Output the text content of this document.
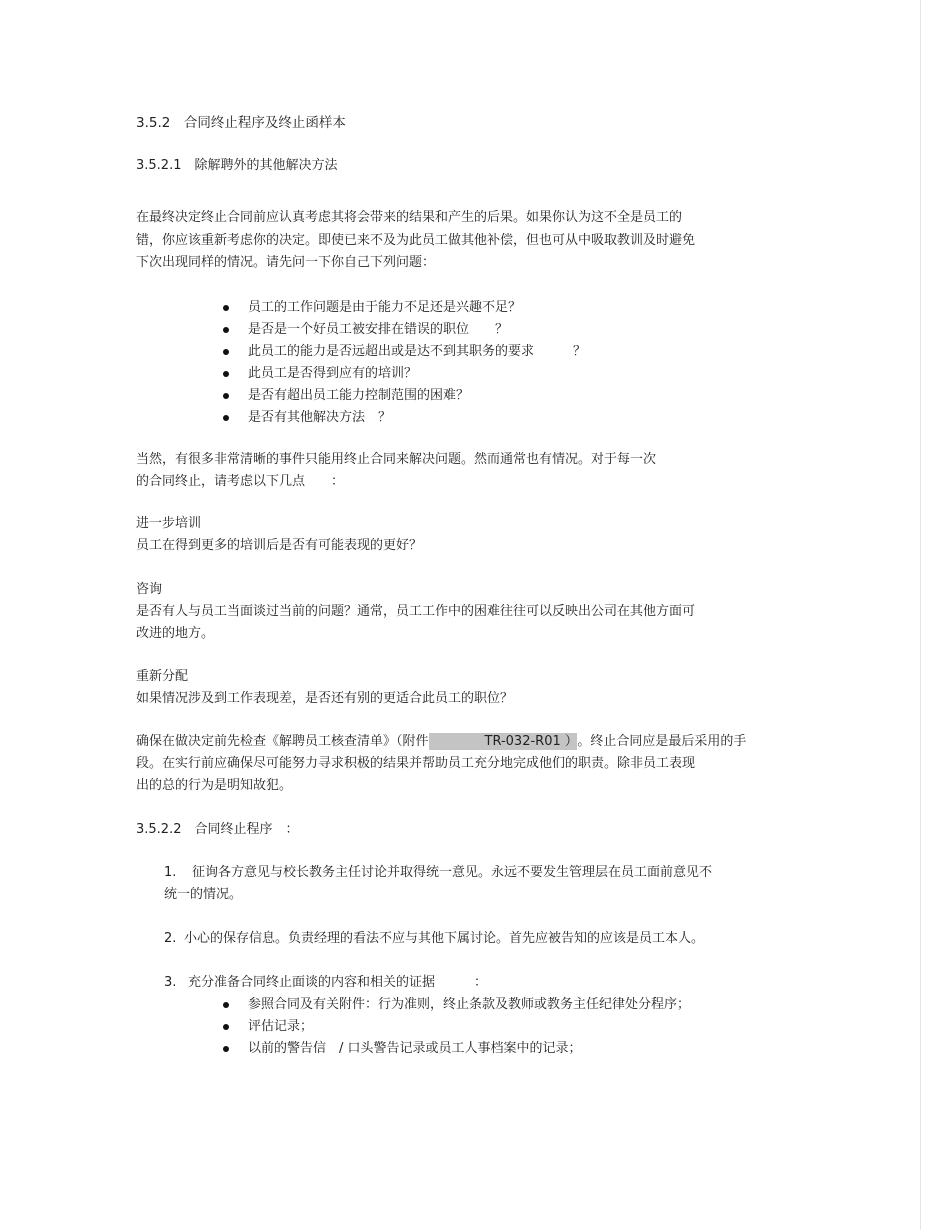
3.5.2　合同终止程序及终止函样本
3.5.2.1　除解聘外的其他解决方法
在最终决定终止合同前应认真考虑其将会带来的结果和产生的后果。如果你认为这不全是员工的
错，你应该重新考虑你的决定。即使已来不及为此员工做其他补偿，但也可从中吸取教训及时避免
下次出现同样的情况。请先问一下你自己下列问题：
员工的工作问题是由于能力不足还是兴趣不足？
是否是一个好员工被安排在错误的职位　　？
此员工的能力是否远超出或是达不到其职务的要求　　　？
此员工是否得到应有的培训？
是否有超出员工能力控制范围的困难？
是否有其他解决方法　？
当然，有很多非常清晰的事件只能用终止合同来解决问题。然而通常也有情况。对于每一次
的合同终止，请考虑以下几点　　：
进一步培训
员工在得到更多的培训后是否有可能表现的更好？
咨询
是否有人与员工当面谈过当前的问题？通常，员工工作中的困难往往可以反映出公司在其他方面可
改进的地方。
重新分配
如果情况涉及到工作表现差，是否还有别的更适合此员工的职位？
确保在做决定前先检查《解聘员工核查清单》（附件	TR-032-R01 ） 。终止合同应是最后采用的手
段。在实行前应确保尽可能努力寻求积极的结果并帮助员工充分地完成他们的职责。除非员工表现
出的总的行为是明知故犯。
3.5.2.2　合同终止程序　：
1. 征询各方意见与校长教务主任讨论并取得统一意见。永远不要发生管理层在员工面前意见不
统一的情况。
2. 小心的保存信息。负责经理的看法不应与其他下属讨论。首先应被告知的应该是员工本人。
3. 充分准备合同终止面谈的内容和相关的证据　　　：
参照合同及有关附件：行为准则，终止条款及教师或教务主任纪律处分程序；
评估记录；
以前的警告信　/ 口头警告记录或员工人事档案中的记录；
